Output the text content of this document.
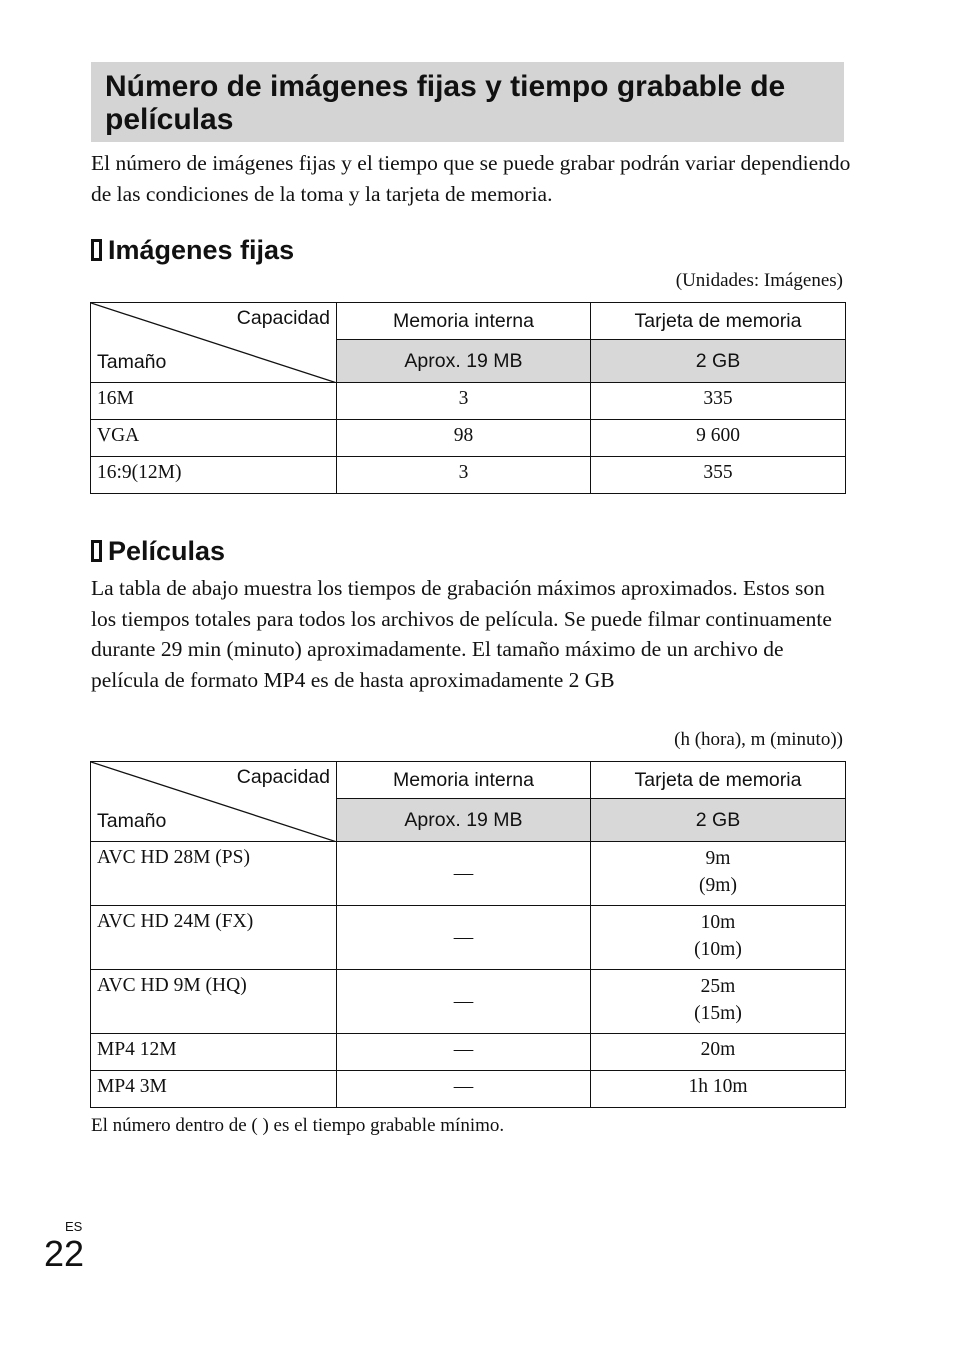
Número de imágenes fijas y tiempo grabable de películas

El número de imágenes fijas y el tiempo que se puede grabar podrán variar dependiendo de las condiciones de la toma y la tarjeta de memoria.

Imágenes fijas

(Unidades: Imágenes)

Capacidad
Tamaño	Memoria interna	Tarjeta de memoria
	Aprox. 19 MB	2 GB
16M	3	335
VGA	98	9 600
16:9(12M)	3	355
Películas

La tabla de abajo muestra los tiempos de grabación máximos aproximados. Estos son los tiempos totales para todos los archivos de película. Se puede filmar continuamente durante 29 min (minuto) aproximadamente. El tamaño máximo de un archivo de película de formato MP4 es de hasta aproximadamente 2 GB

(h (hora), m (minuto))

Capacidad
Tamaño	Memoria interna	Tarjeta de memoria
	Aprox. 19 MB	2 GB
AVC HD 28M (PS)	—	9m
(9m)

AVC HD 24M (FX)	—	10m
(10m)

AVC HD 9M (HQ)	—	25m
(15m)

MP4 12M	—	20m
MP4 3M	—	1h 10m

El número dentro de ( ) es el tiempo grabable mínimo.

ES
22
